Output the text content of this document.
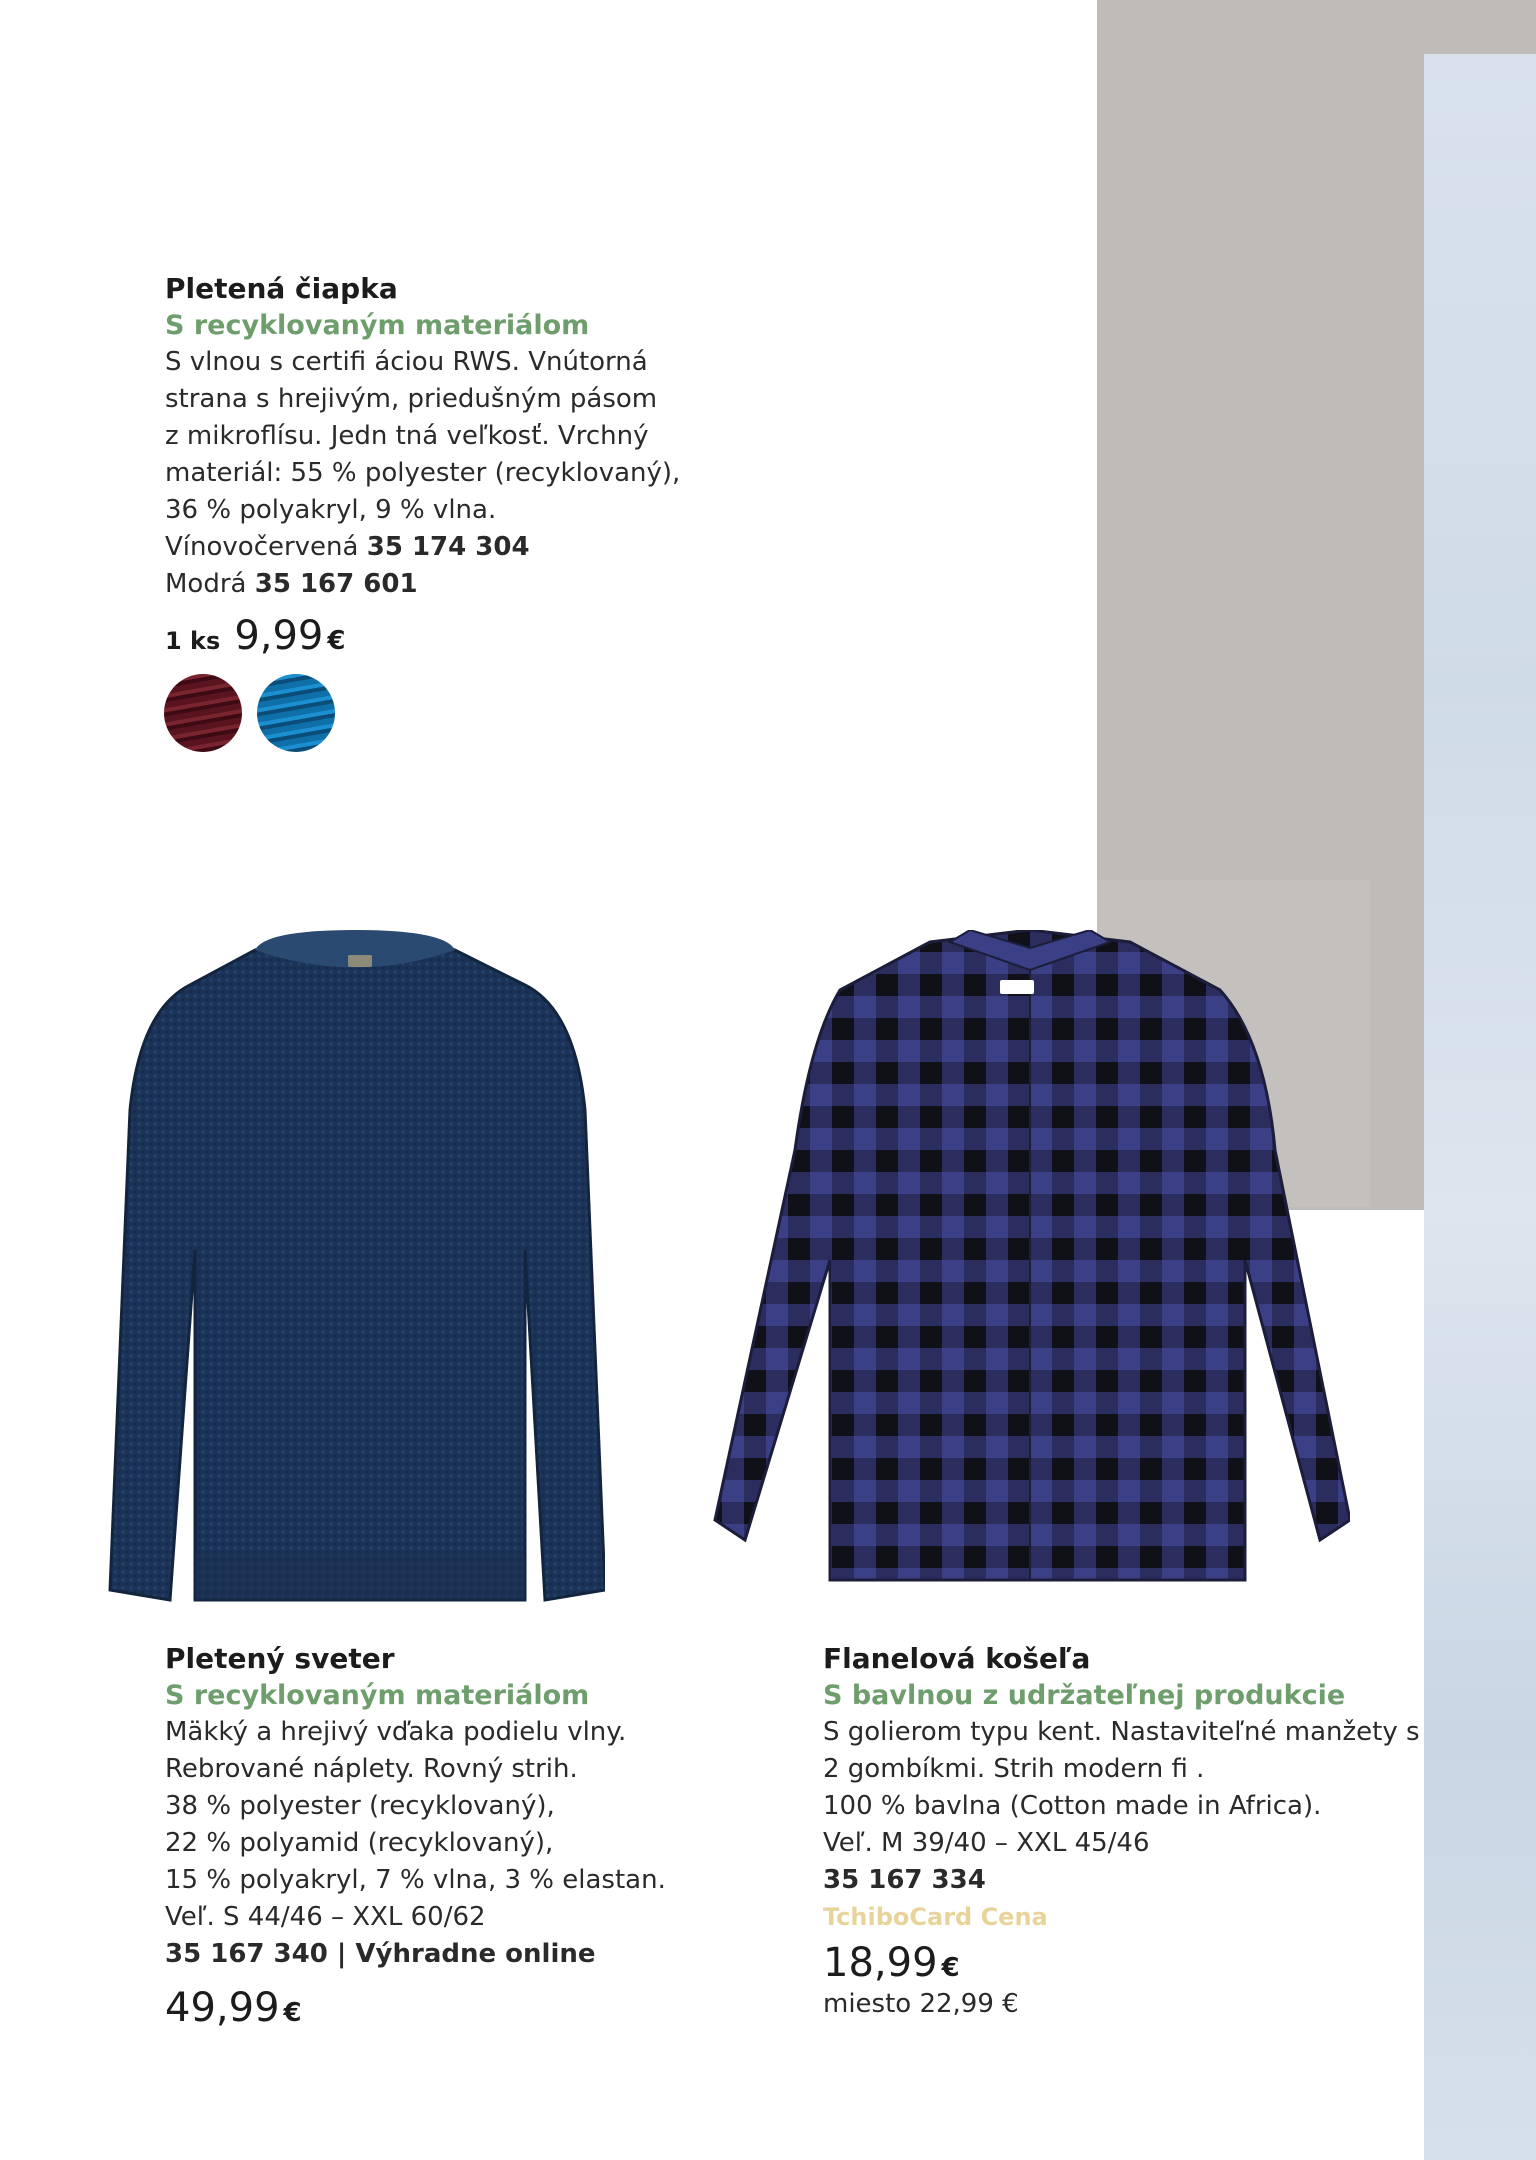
Pletená čiapka
S recyklovaným materiálom
S vlnou s certifi áciou RWS. Vnútorná
strana s hrejivým, priedušným pásom
z mikroflísu. Jedn tná veľkosť. Vrchný
materiál: 55 % polyester (recyklovaný),
36 % polyakryl, 9 % vlna.
Vínovočervená 35 174 304
Modrá 35 167 601
1 ks 9,99 €
Pletený sveter
S recyklovaným materiálom
Mäkký a hrejivý vďaka podielu vlny.
Rebrované náplety. Rovný strih.
38 % polyester (recyklovaný),
22 % polyamid (recyklovaný),
15 % polyakryl, 7 % vlna, 3 % elastan.
Veľ. S 44/46 – XXL 60/62
35 167 340 | Výhradne online
49,99 €
Flanelová košeľa
S bavlnou z udržateľnej produkcie
S golierom typu kent. Nastaviteľné manžety s
2 gombíkmi. Strih modern fi .
100 % bavlna (Cotton made in Africa).
Veľ. M 39/40 – XXL 45/46
35 167 334
TchiboCard Cena
18,99 €
miesto 22,99 €
